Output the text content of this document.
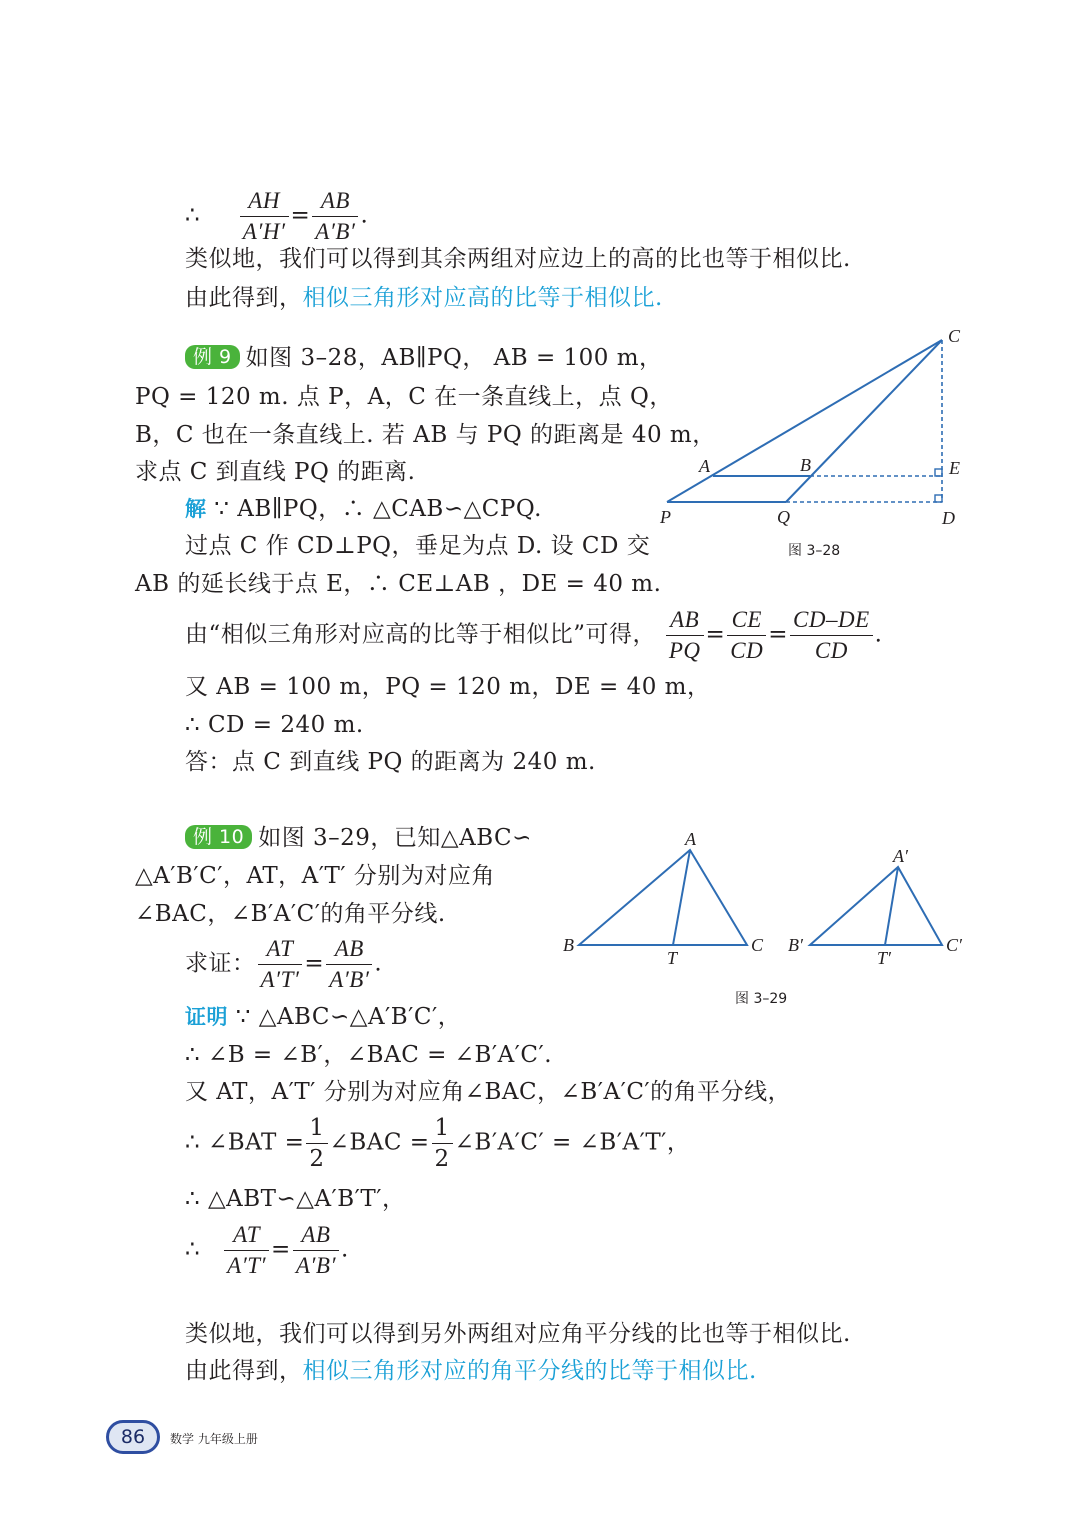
∴ $\frac{AH}{A'H'} = \frac{AB}{A'B'}$ .
类似地，我们可以得到其余两组对应边上的高的比也等于相似比.
由此得到，相似三角形对应高的比等于相似比.
例 9 如图 3–28，AB∥PQ， AB = 100 m，
PQ = 120 m. 点 P，A，C 在一条直线上，点 Q，
B，C 也在一条直线上. 若 AB 与 PQ 的距离是 40 m，
求点 C 到直线 PQ 的距离.
解 ∵ AB∥PQ，∴ △CAB∽△CPQ.
过点 C 作 CD⊥PQ，垂足为点 D. 设 CD 交
AB 的延长线于点 E，∴ CE⊥AB ，DE = 40 m.
由“相似三角形对应高的比等于相似比”可得， $\frac{AB}{PQ} = \frac{CE}{CD} = \frac{CD-DE}{CD}$ .
又 AB = 100 m，PQ = 120 m，DE = 40 m，
∴ CD = 240 m.
答：点 C 到直线 PQ 的距离为 240 m.
C
A	B	E
P	Q	D
图 3–28
例 10 如图 3–29，已知△ABC∽
△A′B′C′，AT，A′T′ 分别为对应角
∠BAC，∠B′A′C′的角平分线.
求证： $\frac{AT}{A'T'} = \frac{AB}{A'B'}$ .
证明 ∵ △ABC∽△A′B′C′，
∴ ∠B = ∠B′，∠BAC = ∠B′A′C′.
又 AT，A′T′ 分别为对应角∠BAC，∠B′A′C′的角平分线，
∴ ∠BAT = $\frac{1}{2}$ ∠BAC = $\frac{1}{2}$ ∠B′A′C′ = ∠B′A′T′，
∴ △ABT∽△A′B′T′，
∴ $\frac{AT}{A'T'} = \frac{AB}{A'B'}$ .
A
B	C
T
A′
B′	C′
T′
图 3–29
类似地，我们可以得到另外两组对应角平分线的比也等于相似比.
由此得到，相似三角形对应的角平分线的比等于相似比.
86	数学 九年级上册
